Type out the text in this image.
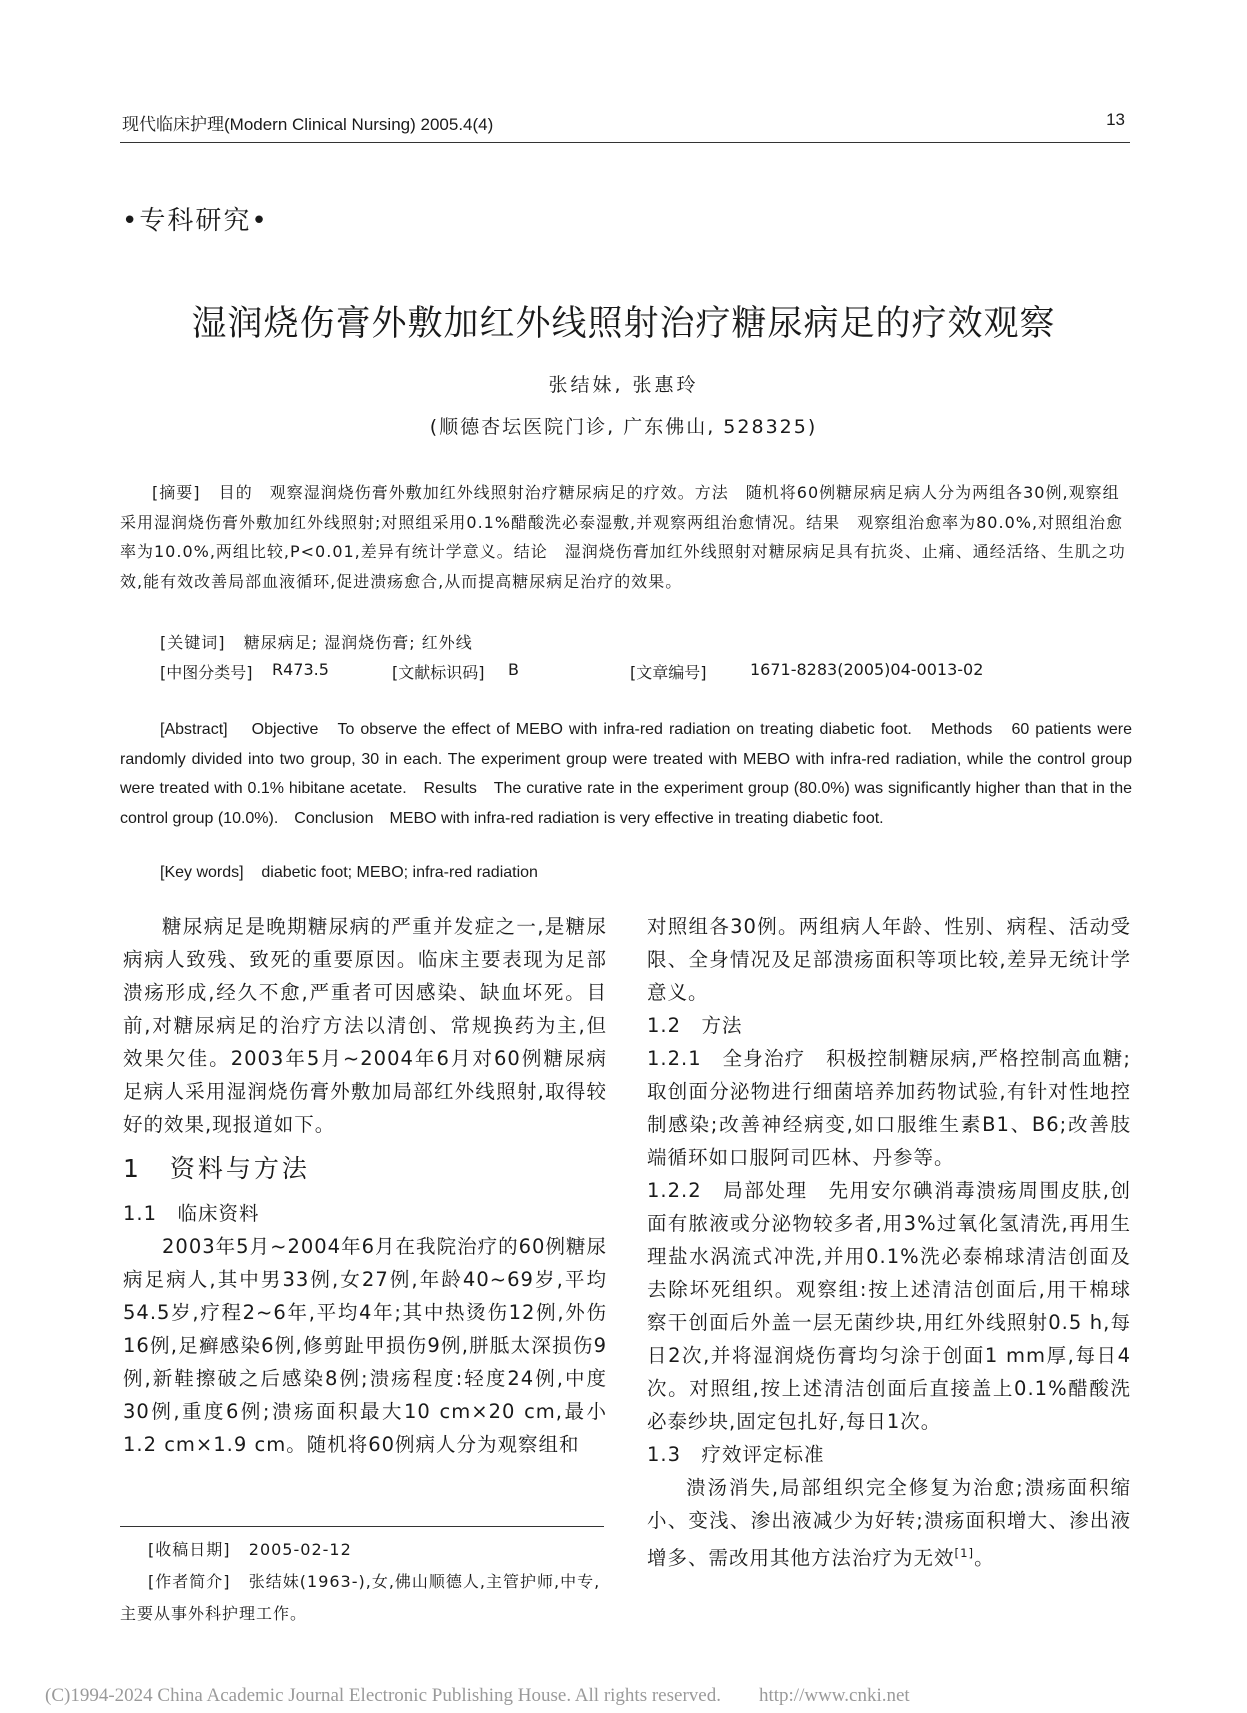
现代临床护理(Modern Clinical Nursing) 2005.4(4)	13
•专科研究•
湿润烧伤膏外敷加红外线照射治疗糖尿病足的疗效观察
张结妹, 张惠玲
(顺德杏坛医院门诊, 广东佛山, 528325)
[摘要] 目的　观察湿润烧伤膏外敷加红外线照射治疗糖尿病足的疗效。方法　随机将60例糖尿病足病人分为两组各30例,观察组采用湿润烧伤膏外敷加红外线照射;对照组采用0.1%醋酸洗必泰湿敷,并观察两组治愈情况。结果　观察组治愈率为80.0%,对照组治愈率为10.0%,两组比较,P<0.01,差异有统计学意义。结论　湿润烧伤膏加红外线照射对糖尿病足具有抗炎、止痛、通经活络、生肌之功效,能有效改善局部血液循环,促进溃疡愈合,从而提高糖尿病足治疗的效果。
[关键词] 糖尿病足; 湿润烧伤膏; 红外线
[中图分类号] R473.5	[文献标识码] B	[文章编号]	1671-8283(2005)04-0013-02
[Abstract] Objective　To observe the effect of MEBO with infra-red radiation on treating diabetic foot.　Methods　60 patients were randomly divided into two group, 30 in each. The experiment group were treated with MEBO with infra-red radiation, while the control group were treated with 0.1% hibitane acetate.　Results　The curative rate in the experiment group (80.0%) was significantly higher than that in the control group (10.0%).　Conclusion　MEBO with infra-red radiation is very effective in treating diabetic foot.
[Key words] diabetic foot; MEBO; infra-red radiation

糖尿病足是晚期糖尿病的严重并发症之一,是糖尿病病人致残、致死的重要原因。临床主要表现为足部溃疡形成,经久不愈,严重者可因感染、缺血坏死。目前,对糖尿病足的治疗方法以清创、常规换药为主,但效果欠佳。2003年5月~2004年6月对60例糖尿病足病人采用湿润烧伤膏外敷加局部红外线照射,取得较好的效果,现报道如下。

1　资料与方法

1.1　临床资料

2003年5月~2004年6月在我院治疗的60例糖尿病足病人,其中男33例,女27例,年龄40~69岁,平均54.5岁,疗程2~6年,平均4年;其中热烫伤12例,外伤16例,足癣感染6例,修剪趾甲损伤9例,胼胝太深损伤9例,新鞋擦破之后感染8例;溃疡程度:轻度24例,中度30例,重度6例;溃疡面积最大10 cm×20 cm,最小1.2 cm×1.9 cm。随机将60例病人分为观察组和

对照组各30例。两组病人年龄、性别、病程、活动受限、全身情况及足部溃疡面积等项比较,差异无统计学意义。

1.2　方法

1.2.1　全身治疗　积极控制糖尿病,严格控制高血糖;取创面分泌物进行细菌培养加药物试验,有针对性地控制感染;改善神经病变,如口服维生素B1、B6;改善肢端循环如口服阿司匹林、丹参等。

1.2.2　局部处理　先用安尔碘消毒溃疡周围皮肤,创面有脓液或分泌物较多者,用3%过氧化氢清洗,再用生理盐水涡流式冲洗,并用0.1%洗必泰棉球清洁创面及去除坏死组织。观察组:按上述清洁创面后,用干棉球察干创面后外盖一层无菌纱块,用红外线照射0.5 h,每日2次,并将湿润烧伤膏均匀涂于创面1 mm厚,每日4次。对照组,按上述清洁创面后直接盖上0.1%醋酸洗必泰纱块,固定包扎好,每日1次。

1.3　疗效评定标准

溃汤消失,局部组织完全修复为治愈;溃疡面积缩小、变浅、渗出液减少为好转;溃疡面积增大、渗出液增多、需改用其他方法治疗为无效[1]。

[收稿日期] 2005-02-12

[作者简介] 张结妹(1963-),女,佛山顺德人,主管护师,中专,主要从事外科护理工作。

(C)1994-2024 China Academic Journal Electronic Publishing House. All rights reserved.　　http://www.cnki.net
